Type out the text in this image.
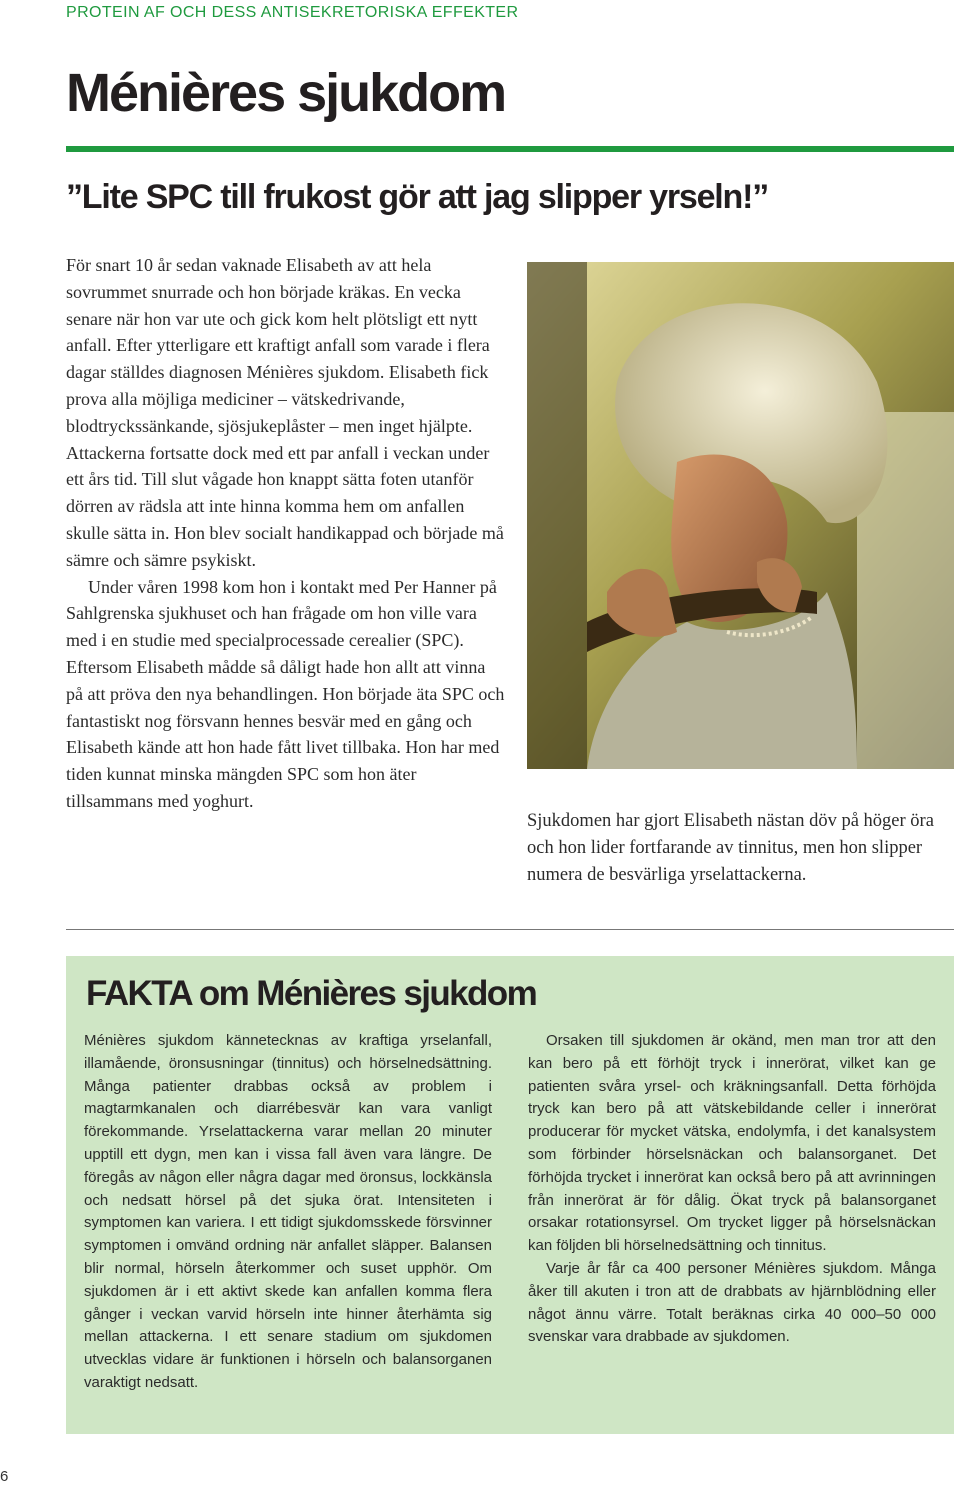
PROTEIN AF OCH DESS ANTISEKRETORISKA EFFEKTER
Ménières sjukdom
”Lite SPC till frukost gör att jag slipper yrseln!”

För snart 10 år sedan vaknade Elisabeth av att hela sovrummet snurrade och hon började kräkas. En vecka senare när hon var ute och gick kom helt plötsligt ett nytt anfall. Efter ytterligare ett kraftigt anfall som varade i flera dagar ställdes diagnosen Ménières sjukdom. Elisabeth fick prova alla möjliga mediciner – vätskedrivande, blodtryckssänkande, sjösjukeplåster – men inget hjälpte. Attackerna fortsatte dock med ett par anfall i veckan under ett års tid. Till slut vågade hon knappt sätta foten utanför dörren av rädsla att inte hinna komma hem om anfallen skulle sätta in. Hon blev socialt handikappad och började må sämre och sämre psykiskt.

Under våren 1998 kom hon i kontakt med Per Hanner på Sahlgrenska sjukhuset och han frågade om hon ville vara med i en studie med specialprocessade cerealier (SPC). Eftersom Elisabeth mådde så dåligt hade hon allt att vinna på att pröva den nya behandlingen. Hon började äta SPC och fantastiskt nog försvann hennes besvär med en gång och Elisabeth kände att hon hade fått livet tillbaka. Hon har med tiden kunnat minska mängden SPC som hon äter tillsammans med yoghurt.

Sjukdomen har gjort Elisabeth nästan döv på höger öra och hon lider fortfarande av tinnitus, men hon slipper numera de besvärliga yrselattackerna.
FAKTA om Ménières sjukdom

Ménières sjukdom kännetecknas av kraftiga yrselanfall, illamående, öronsusningar (tinnitus) och hörselnedsättning. Många patienter drabbas också av problem i magtarmkanalen och diarrébesvär kan vara vanligt förekommande. Yrselattackerna varar mellan 20 minuter upptill ett dygn, men kan i vissa fall även vara längre. De föregås av någon eller några dagar med öronsus, lockkänsla och nedsatt hörsel på det sjuka örat. Intensiteten i symptomen kan variera. I ett tidigt sjukdomsskede försvinner symptomen i omvänd ordning när anfallet släpper. Balansen blir normal, hörseln återkommer och suset upphör. Om sjukdomen är i ett aktivt skede kan anfallen komma flera gånger i veckan varvid hörseln inte hinner återhämta sig mellan attackerna. I ett senare stadium om sjukdomen utvecklas vidare är funktionen i hörseln och balansorganen varaktigt nedsatt.

Orsaken till sjukdomen är okänd, men man tror att den kan bero på ett förhöjt tryck i innerörat, vilket kan ge patienten svåra yrsel- och kräkningsanfall. Detta förhöjda tryck kan bero på att vätskebildande celler i innerörat producerar för mycket vätska, endolymfa, i det kanalsystem som förbinder hörselsnäckan och balansorganet. Det förhöjda trycket i innerörat kan också bero på att avrinningen från innerörat är för dålig. Ökat tryck på balansorganet orsakar rotationsyrsel. Om trycket ligger på hörselsnäckan kan följden bli hörselnedsättning och tinnitus.

Varje år får ca 400 personer Ménières sjukdom. Många åker till akuten i tron att de drabbats av hjärnblödning eller något ännu värre. Totalt beräknas cirka 40 000–50 000 svenskar vara drabbade av sjukdomen.

6
